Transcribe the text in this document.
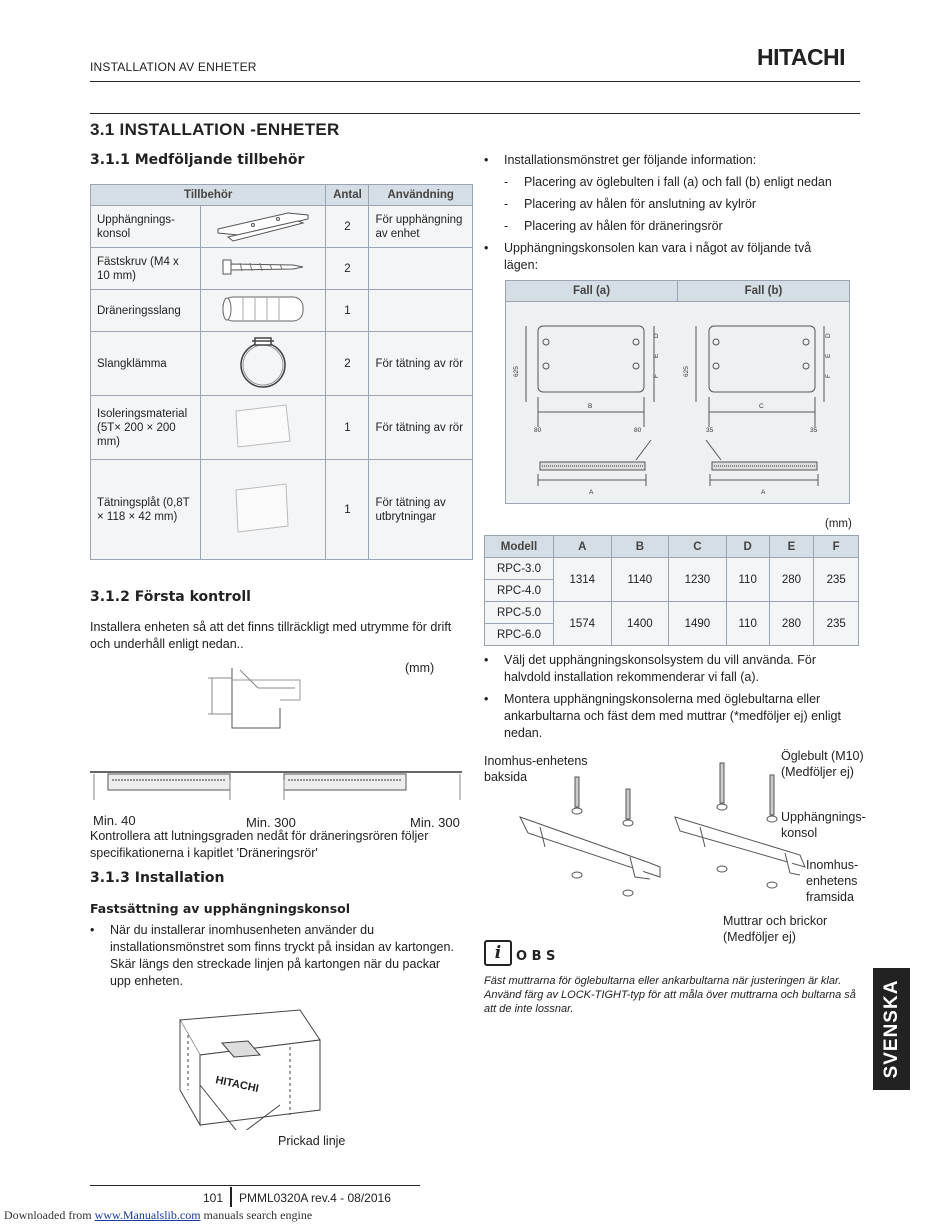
INSTALLATION AV ENHETER	HITACHI
3.1 INSTALLATION -ENHETER
3.1.1 Medföljande tillbehör
Tillbehör		Antal	Användning
Upphängnings-
konsol		2	För upphängning av enhet
Fästskruv (M4 x 10 mm)		2	
Dräneringsslang		1	
Slangklämma		2	För tätning av rör
Isoleringsmaterial (5T× 200 × 200 mm)		1	För tätning av rör
Tätningsplåt (0,8T × 118 × 42 mm)		1	För tätning av utbrytningar
3.1.2 Första kontroll
Installera enheten så att det finns tillräckligt med utrymme för drift och underhåll enligt nedan..
(mm)
Min. 40	Min. 300	Min. 300
Kontrollera att lutningsgraden nedåt för dräneringsrören följer specifikationerna i kapitlet 'Dräneringsrör'
3.1.3 Installation
Fastsättning av upphängningskonsol
• När du installerar inomhusenheten använder du installationsmönstret som finns tryckt på insidan av kartongen. Skär längs den streckade linjen på kartongen när du packar upp enheten.
HITACHI
Prickad linje
• Installationsmönstret ger följande information:
- Placering av öglebulten i fall (a) och fall (b) enligt nedan
- Placering av hålen för anslutning av kylrör
- Placering av hålen för dräneringsrör
• Upphängningskonsolen kan vara i något av följande två lägen:
Fall (a)	Fall (b)
625	625
B	C
80	80	35	35
D
E
F
D
E
F
A	A
(mm)
Modell	A	B	C	D	E	F
RPC-3.0	1314	1140	1230	110	280	235
RPC-4.0						
RPC-5.0	1574	1400	1490	110	280	235
RPC-6.0						
• Välj det upphängningskonsolsystem du vill använda. För halvdold installation rekommenderar vi fall (a).
• Montera upphängningskonsolerna med öglebultarna eller ankarbultarna och fäst dem med muttrar (*medföljer ej) enligt nedan.
Inomhus-enhetens
baksida
Öglebult (M10)
(Medföljer ej)
Upphängnings-
konsol
Inomhus-
enhetens
framsida
Muttrar och brickor
(Medföljer ej)
i	O B S
Fäst muttrarna för öglebultarna eller ankarbultarna när justeringen är klar. Använd färg av LOCK-TIGHT-typ för att måla över muttrarna och bultarna så att de inte lossnar.	SVENSKA
101 PMML0320A rev.4 - 08/2016
Downloaded from www.Manualslib.com manuals search engine
